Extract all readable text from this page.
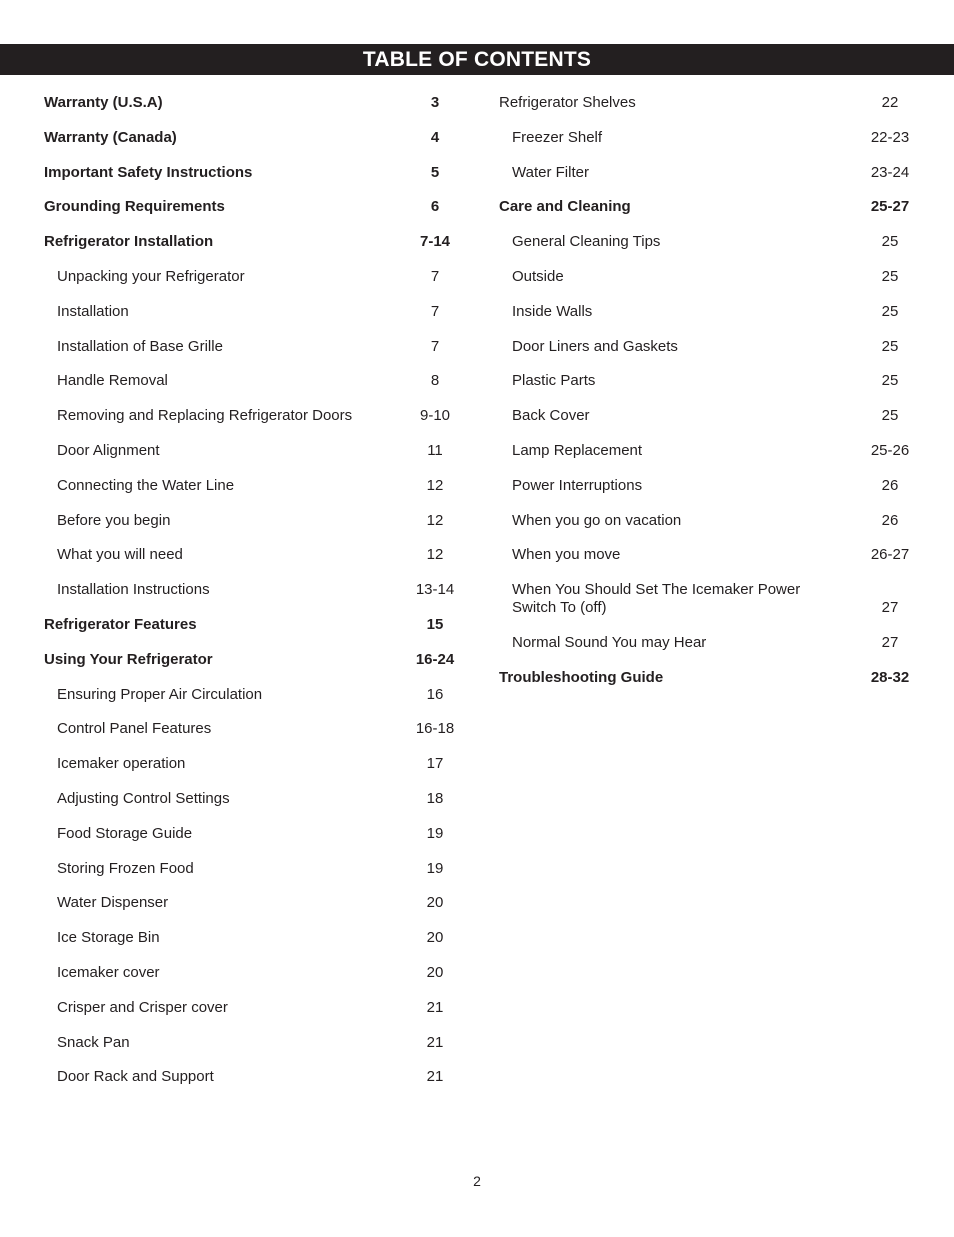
TABLE OF CONTENTS
Warranty (U.S.A)	3
Warranty (Canada)	4
Important Safety Instructions	5
Grounding Requirements	6
Refrigerator Installation	7-14
Unpacking your Refrigerator	7
Installation	7
Installation of Base Grille	7
Handle Removal	8
Removing and Replacing Refrigerator Doors	9-10
Door Alignment	11
Connecting the Water Line	12
Before you begin	12
What you will need	12
Installation Instructions	13-14
Refrigerator Features	15
Using Your Refrigerator	16-24
Ensuring Proper Air Circulation	16
Control Panel Features	16-18
Icemaker operation	17
Adjusting Control Settings	18
Food Storage Guide	19
Storing Frozen Food	19
Water Dispenser	20
Ice Storage Bin	20
Icemaker cover	20
Crisper and Crisper cover	21
Snack Pan	21
Door Rack and Support	21
Refrigerator Shelves	22
Freezer Shelf	22-23
Water Filter	23-24
Care and Cleaning	25-27
General Cleaning Tips	25
Outside	25
Inside Walls	25
Door Liners and Gaskets	25
Plastic Parts	25
Back Cover	25
Lamp Replacement	25-26
Power Interruptions	26
When you go on vacation	26
When you move	26-27
When You Should Set The Icemaker Power Switch To (off)	27
Normal Sound You may Hear	27
Troubleshooting Guide	28-32
2
